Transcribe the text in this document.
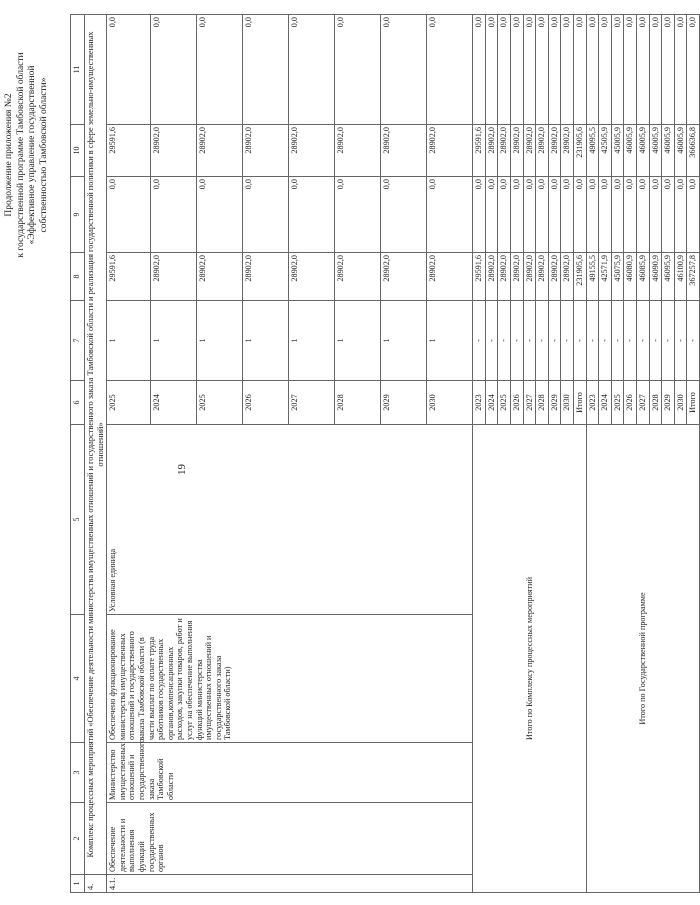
19
Продолжение приложения №2 к государственной программе Тамбовской области «Эффективное управление государственной собственностью Тамбовской области»
1	2	3	4	5	6	7	8	9	10	11	
4.	Комплекс процессных мероприятий «Обеспечение деятельности министерства имущественных отношений и государственного заказа Тамбовской области и реализация государственной политики в сфере земельно-имущественных отношений»										
4.1.	Обеспечение деятельности и выполнения функций государственных органов	Министерство имущественных отношений и государственного заказа Тамбовской области	Обеспечено функционирование министерства имущественных отношений и государственного заказа Тамбовской области (в части выплат по оплате труда работников государственных органов,компенсационных расходов, закупки товаров, работ и услуг на обеспечение выполнения функций министерства имущественных отношений и государственного заказа Тамбовской области)	Условная единица	2025	1	29591,6	0,0	29591,6	0,0	
					2024	1	28902,0	0,0	28902,0	0,0	
					2025	1	28902,0	0,0	28902,0	0,0	
					2026	1	28902,0	0,0	28902,0	0,0	
					2027	1	28902,0	0,0	28902,0	0,0	
					2028	1	28902,0	0,0	28902,0	0,0	
					2029	1	28902,0	0,0	28902,0	0,0	
					2030	1	28902,0	0,0	28902,0	0,0	
Итого по Комплексу процессных мероприятий					2023	-	29591,6	0,0	29591,6	0,0	
					2024	-	28902,0	0,0	28902,0	0,0	
					2025	-	28902,0	0,0	28902,0	0,0	
					2026	-	28902,0	0,0	28902,0	0,0	
					2027	-	28902,0	0,0	28902,0	0,0	
					2028	-	28902,0	0,0	28902,0	0,0	
					2029	-	28902,0	0,0	28902,0	0,0	
					2030	-	28902,0	0,0	28902,0	0,0	
					Итого	-	231905,6	0,0	231905,6	0,0	
Итого по Государственной программе					2023	-	49155,5	0,0	49095,5	0,0	
					2024	-	42571,9	0,0	42505,9	0,0	
					2025	-	45075,9	0,0	45005,9	0,0	
					2026	-	46080,9	0,0	46005,9	0,0	
					2027	-	46085,9	0,0	46005,9	0,0	
					2028	-	46090,9	0,0	46005,9	0,0	
					2029	-	46095,9	0,0	46005,9	0,0	
					2030	-	46100,9	0,0	46005,9	0,0	
					Итого	-	367257,8	0,0	366636,8	0,0	
